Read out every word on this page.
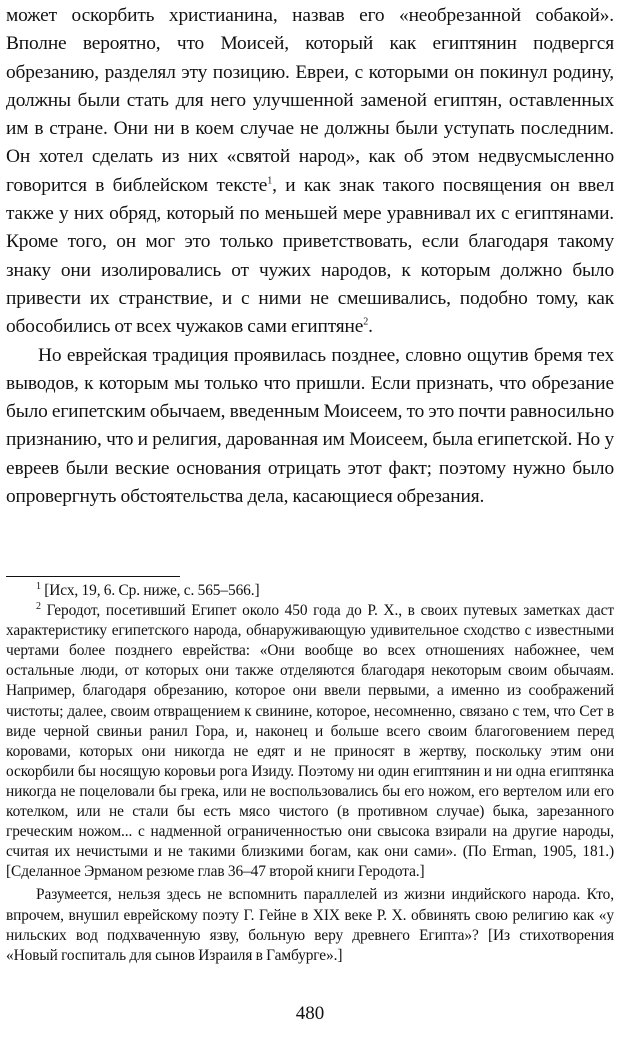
может оскорбить христианина, назвав его «необрезанной собакой». Вполне вероятно, что Моисей, который как египтянин подвергся обрезанию, разделял эту позицию. Евреи, с которыми он покинул родину, должны были стать для него улучшенной заменой египтян, оставленных им в стране. Они ни в коем случае не должны были уступать последним. Он хотел сделать из них «святой народ», как об этом недвусмысленно говорится в библейском тексте$^1$, и как знак такого посвящения он ввел также у них обряд, который по меньшей мере уравнивал их с египтянами. Кроме того, он мог это только приветствовать, если благодаря такому знаку они изолировались от чужих народов, к которым должно было привести их странствие, и с ними не смешивались, подобно тому, как обособились от всех чужаков сами египтяне$^2$.

Но еврейская традиция проявилась позднее, словно ощутив бремя тех выводов, к которым мы только что пришли. Если признать, что обрезание было египетским обычаем, введенным Моисеем, то это почти равносильно признанию, что и религия, дарованная им Моисеем, была египетской. Но у евреев были веские основания отрицать этот факт; поэтому нужно было опровергнуть обстоятельства дела, касающиеся обрезания.

$^1$ [Исх, 19, 6. Ср. ниже, с. 565–566.]

$^2$ Геродот, посетивший Египет около 450 года до Р. Х., в своих путевых заметках даст характеристику египетского народа, обнаруживающую удивительное сходство с известными чертами более позднего еврейства: «Они вообще во всех отношениях набожнее, чем остальные люди, от которых они также отделяются благодаря некоторым своим обычаям. Например, благодаря обрезанию, которое они ввели первыми, а именно из соображений чистоты; далее, своим отвращением к свинине, которое, несомненно, связано с тем, что Сет в виде черной свиньи ранил Гора, и, наконец и больше всего своим благоговением перед коровами, которых они никогда не едят и не приносят в жертву, поскольку этим они оскорбили бы носящую коровьи рога Изиду. Поэтому ни один египтянин и ни одна египтянка никогда не поцеловали бы грека, или не воспользовались бы его ножом, его вертелом или его котелком, или не стали бы есть мясо чистого (в противном случае) быка, зарезанного греческим ножом... с надменной ограниченностью они свысока взирали на другие народы, считая их нечистыми и не такими близкими богам, как они сами». (По Erman, 1905, 181.) [Сделанное Эрманом резюме глав 36–47 второй книги Геродота.]

Разумеется, нельзя здесь не вспомнить параллелей из жизни индийского народа. Кто, впрочем, внушил еврейскому поэту Г. Гейне в XIX веке Р. Х. обвинять свою религию как «у нильских вод подхваченную язву, больную веру древнего Египта»? [Из стихотворения «Новый госпиталь для сынов Израиля в Гамбурге».]

480
